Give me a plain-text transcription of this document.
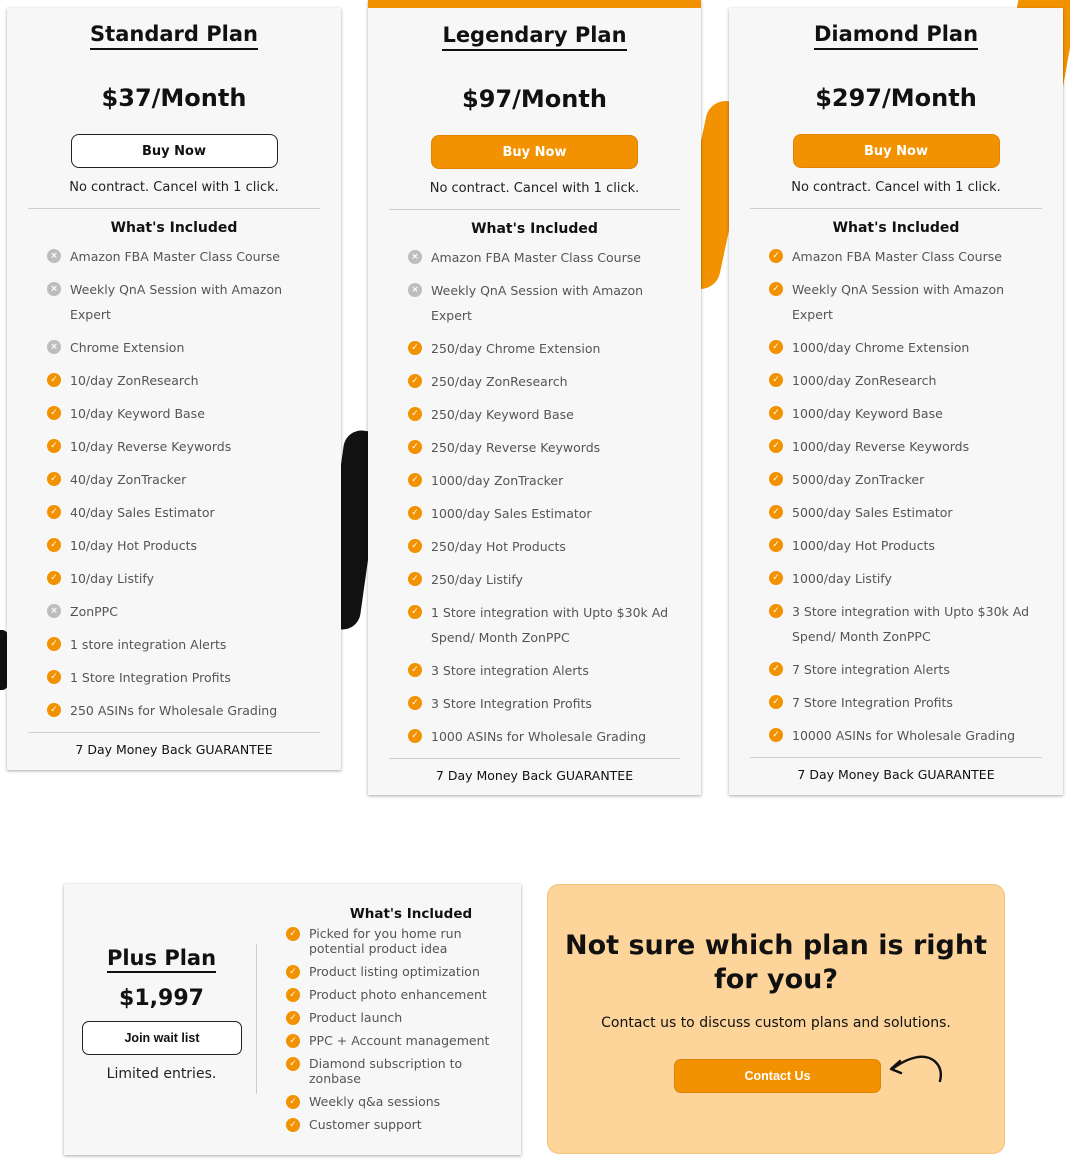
Standard Plan
$37/Month
Buy Now
No contract. Cancel with 1 click.
What's Included
× Amazon FBA Master Class Course
× Weekly QnA Session with Amazon Expert
× Chrome Extension
✓ 10/day ZonResearch
✓ 10/day Keyword Base
✓ 10/day Reverse Keywords
✓ 40/day ZonTracker
✓ 40/day Sales Estimator
✓ 10/day Hot Products
✓ 10/day Listify
× ZonPPC
✓ 1 store integration Alerts
✓ 1 Store Integration Profits
✓ 250 ASINs for Wholesale Grading
7 Day Money Back GUARANTEE
Legendary Plan
$97/Month
Buy Now
No contract. Cancel with 1 click.
What's Included
× Amazon FBA Master Class Course
× Weekly QnA Session with Amazon Expert
✓ 250/day Chrome Extension
✓ 250/day ZonResearch
✓ 250/day Keyword Base
✓ 250/day Reverse Keywords
✓ 1000/day ZonTracker
✓ 1000/day Sales Estimator
✓ 250/day Hot Products
✓ 250/day Listify
✓ 1 Store integration with Upto $30k Ad Spend/ Month ZonPPC
✓ 3 Store integration Alerts
✓ 3 Store Integration Profits
✓ 1000 ASINs for Wholesale Grading
7 Day Money Back GUARANTEE
Diamond Plan
$297/Month
Buy Now
No contract. Cancel with 1 click.
What's Included
✓ Amazon FBA Master Class Course
✓ Weekly QnA Session with Amazon Expert
✓ 1000/day Chrome Extension
✓ 1000/day ZonResearch
✓ 1000/day Keyword Base
✓ 1000/day Reverse Keywords
✓ 5000/day ZonTracker
✓ 5000/day Sales Estimator
✓ 1000/day Hot Products
✓ 1000/day Listify
✓ 3 Store integration with Upto $30k Ad Spend/ Month ZonPPC
✓ 7 Store integration Alerts
✓ 7 Store Integration Profits
✓ 10000 ASINs for Wholesale Grading
7 Day Money Back GUARANTEE
Plus Plan
$1,997
Join wait list
Limited entries.
What's Included
✓ Picked for you home run potential product idea
✓ Product listing optimization
✓ Product photo enhancement
✓ Product launch
✓ PPC + Account management
✓ Diamond subscription to zonbase
✓ Weekly q&a sessions
✓ Customer support
Not sure which plan is right for you?
Contact us to discuss custom plans and solutions.
Contact Us
